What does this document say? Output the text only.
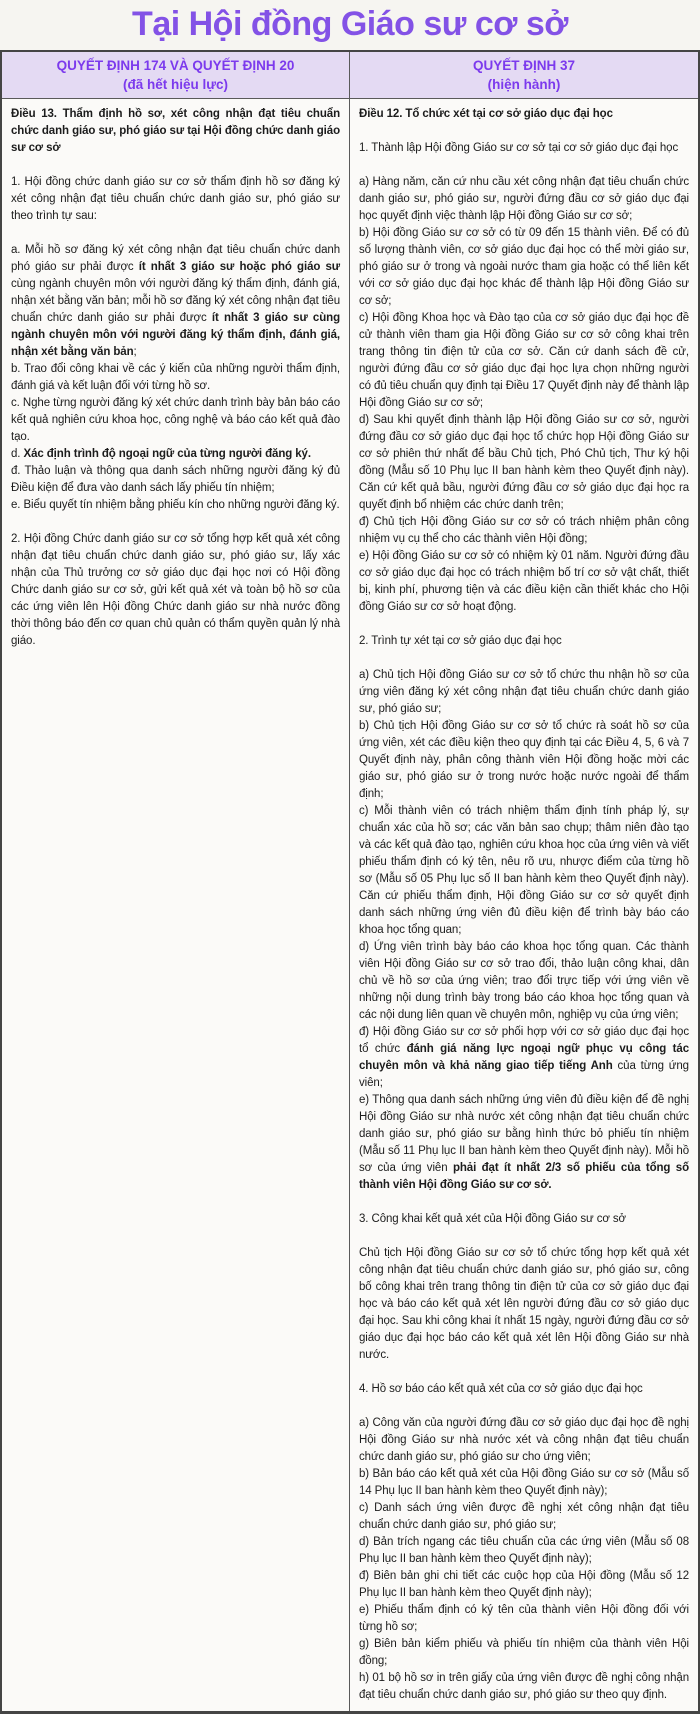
Tại Hội đồng Giáo sư cơ sở
QUYẾT ĐỊNH 174 VÀ QUYẾT ĐỊNH 20
(đã hết hiệu lực)
QUYẾT ĐỊNH 37
(hiện hành)

Điều 13. Thẩm định hồ sơ, xét công nhận đạt tiêu chuẩn chức danh giáo sư, phó giáo sư tại Hội đồng chức danh giáo sư cơ sở

1. Hội đồng chức danh giáo sư cơ sở thẩm định hồ sơ đăng ký xét công nhận đạt tiêu chuẩn chức danh giáo sư, phó giáo sư theo trình tự sau:

a. Mỗi hồ sơ đăng ký xét công nhận đạt tiêu chuẩn chức danh phó giáo sư phải được ít nhất 3 giáo sư hoặc phó giáo sư cùng ngành chuyên môn với người đăng ký thẩm định, đánh giá, nhận xét bằng văn bản; mỗi hồ sơ đăng ký xét công nhận đạt tiêu chuẩn chức danh giáo sư phải được ít nhất 3 giáo sư cùng ngành chuyên môn với người đăng ký thẩm định, đánh giá, nhận xét bằng văn bản;

b. Trao đổi công khai về các ý kiến của những người thẩm định, đánh giá và kết luận đối với từng hồ sơ.

c. Nghe từng người đăng ký xét chức danh trình bày bản báo cáo kết quả nghiên cứu khoa học, công nghệ và báo cáo kết quả đào tạo.

d. Xác định trình độ ngoại ngữ của từng người đăng ký.

đ. Thảo luận và thông qua danh sách những người đăng ký đủ Điều kiện để đưa vào danh sách lấy phiếu tín nhiệm;

e. Biểu quyết tín nhiệm bằng phiếu kín cho những người đăng ký.

2. Hội đồng Chức danh giáo sư cơ sở tổng hợp kết quả xét công nhận đạt tiêu chuẩn chức danh giáo sư, phó giáo sư, lấy xác nhận của Thủ trưởng cơ sở giáo dục đại học nơi có Hội đồng Chức danh giáo sư cơ sở, gửi kết quả xét và toàn bộ hồ sơ của các ứng viên lên Hội đồng Chức danh giáo sư nhà nước đồng thời thông báo đến cơ quan chủ quản có thẩm quyền quản lý nhà giáo.

Điều 12. Tổ chức xét tại cơ sở giáo dục đại học

1. Thành lập Hội đồng Giáo sư cơ sở tại cơ sở giáo dục đại học

a) Hàng năm, căn cứ nhu cầu xét công nhận đạt tiêu chuẩn chức danh giáo sư, phó giáo sư, người đứng đầu cơ sở giáo dục đại học quyết định việc thành lập Hội đồng Giáo sư cơ sở;

b) Hội đồng Giáo sư cơ sở có từ 09 đến 15 thành viên. Để có đủ số lượng thành viên, cơ sở giáo dục đại học có thể mời giáo sư, phó giáo sư ở trong và ngoài nước tham gia hoặc có thể liên kết với cơ sở giáo dục đại học khác để thành lập Hội đồng Giáo sư cơ sở;

c) Hội đồng Khoa học và Đào tạo của cơ sở giáo dục đại học đề cử thành viên tham gia Hội đồng Giáo sư cơ sở công khai trên trang thông tin điện tử của cơ sở. Căn cứ danh sách đề cử, người đứng đầu cơ sở giáo dục đại học lựa chọn những người có đủ tiêu chuẩn quy định tại Điều 17 Quyết định này để thành lập Hội đồng Giáo sư cơ sở;

d) Sau khi quyết định thành lập Hội đồng Giáo sư cơ sở, người đứng đầu cơ sở giáo dục đại học tổ chức họp Hội đồng Giáo sư cơ sở phiên thứ nhất để bầu Chủ tịch, Phó Chủ tịch, Thư ký hội đồng (Mẫu số 10 Phụ lục II ban hành kèm theo Quyết định này). Căn cứ kết quả bầu, người đứng đầu cơ sở giáo dục đại học ra quyết định bổ nhiệm các chức danh trên;

đ) Chủ tịch Hội đồng Giáo sư cơ sở có trách nhiệm phân công nhiệm vụ cụ thể cho các thành viên Hội đồng;

e) Hội đồng Giáo sư cơ sở có nhiệm kỳ 01 năm. Người đứng đầu cơ sở giáo dục đại học có trách nhiệm bố trí cơ sở vật chất, thiết bị, kinh phí, phương tiện và các điều kiện cần thiết khác cho Hội đồng Giáo sư cơ sở hoạt động.

2. Trình tự xét tại cơ sở giáo dục đại học

a) Chủ tịch Hội đồng Giáo sư cơ sở tổ chức thu nhận hồ sơ của ứng viên đăng ký xét công nhận đạt tiêu chuẩn chức danh giáo sư, phó giáo sư;

b) Chủ tịch Hội đồng Giáo sư cơ sở tổ chức rà soát hồ sơ của ứng viên, xét các điều kiện theo quy định tại các Điều 4, 5, 6 và 7 Quyết định này, phân công thành viên Hội đồng hoặc mời các giáo sư, phó giáo sư ở trong nước hoặc nước ngoài để thẩm định;

c) Mỗi thành viên có trách nhiệm thẩm định tính pháp lý, sự chuẩn xác của hồ sơ; các văn bản sao chụp; thâm niên đào tạo và các kết quả đào tạo, nghiên cứu khoa học của ứng viên và viết phiếu thẩm định có ký tên, nêu rõ ưu, nhược điểm của từng hồ sơ (Mẫu số 05 Phụ lục số II ban hành kèm theo Quyết định này). Căn cứ phiếu thẩm định, Hội đồng Giáo sư cơ sở quyết định danh sách những ứng viên đủ điều kiện để trình bày báo cáo khoa học tổng quan;

d) Ứng viên trình bày báo cáo khoa học tổng quan. Các thành viên Hội đồng Giáo sư cơ sở trao đổi, thảo luận công khai, dân chủ về hồ sơ của ứng viên; trao đổi trực tiếp với ứng viên về những nội dung trình bày trong báo cáo khoa học tổng quan và các nội dung liên quan về chuyên môn, nghiệp vụ của ứng viên;

đ) Hội đồng Giáo sư cơ sở phối hợp với cơ sở giáo dục đại học tổ chức đánh giá năng lực ngoại ngữ phục vụ công tác chuyên môn và khả năng giao tiếp tiếng Anh của từng ứng viên;

e) Thông qua danh sách những ứng viên đủ điều kiện để đề nghị Hội đồng Giáo sư nhà nước xét công nhận đạt tiêu chuẩn chức danh giáo sư, phó giáo sư bằng hình thức bỏ phiếu tín nhiệm (Mẫu số 11 Phụ lục II ban hành kèm theo Quyết định này). Mỗi hồ sơ của ứng viên phải đạt ít nhất 2/3 số phiếu của tổng số thành viên Hội đồng Giáo sư cơ sở.

3. Công khai kết quả xét của Hội đồng Giáo sư cơ sở

Chủ tịch Hội đồng Giáo sư cơ sở tổ chức tổng hợp kết quả xét công nhận đạt tiêu chuẩn chức danh giáo sư, phó giáo sư, công bố công khai trên trang thông tin điện tử của cơ sở giáo dục đại học và báo cáo kết quả xét lên người đứng đầu cơ sở giáo dục đại học. Sau khi công khai ít nhất 15 ngày, người đứng đầu cơ sở giáo dục đại học báo cáo kết quả xét lên Hội đồng Giáo sư nhà nước.

4. Hồ sơ báo cáo kết quả xét của cơ sở giáo dục đại học

a) Công văn của người đứng đầu cơ sở giáo dục đại học đề nghị Hội đồng Giáo sư nhà nước xét và công nhận đạt tiêu chuẩn chức danh giáo sư, phó giáo sư cho ứng viên;

b) Bản báo cáo kết quả xét của Hội đồng Giáo sư cơ sở (Mẫu số 14 Phụ lục II ban hành kèm theo Quyết định này);

c) Danh sách ứng viên được đề nghị xét công nhận đạt tiêu chuẩn chức danh giáo sư, phó giáo sư;

d) Bản trích ngang các tiêu chuẩn của các ứng viên (Mẫu số 08 Phụ lục II ban hành kèm theo Quyết định này);

đ) Biên bản ghi chi tiết các cuộc họp của Hội đồng (Mẫu số 12 Phụ lục II ban hành kèm theo Quyết định này);

e) Phiếu thẩm định có ký tên của thành viên Hội đồng đối với từng hồ sơ;

g) Biên bản kiểm phiếu và phiếu tín nhiệm của thành viên Hội đồng;

h) 01 bộ hồ sơ in trên giấy của ứng viên được đề nghị công nhận đạt tiêu chuẩn chức danh giáo sư, phó giáo sư theo quy định.
